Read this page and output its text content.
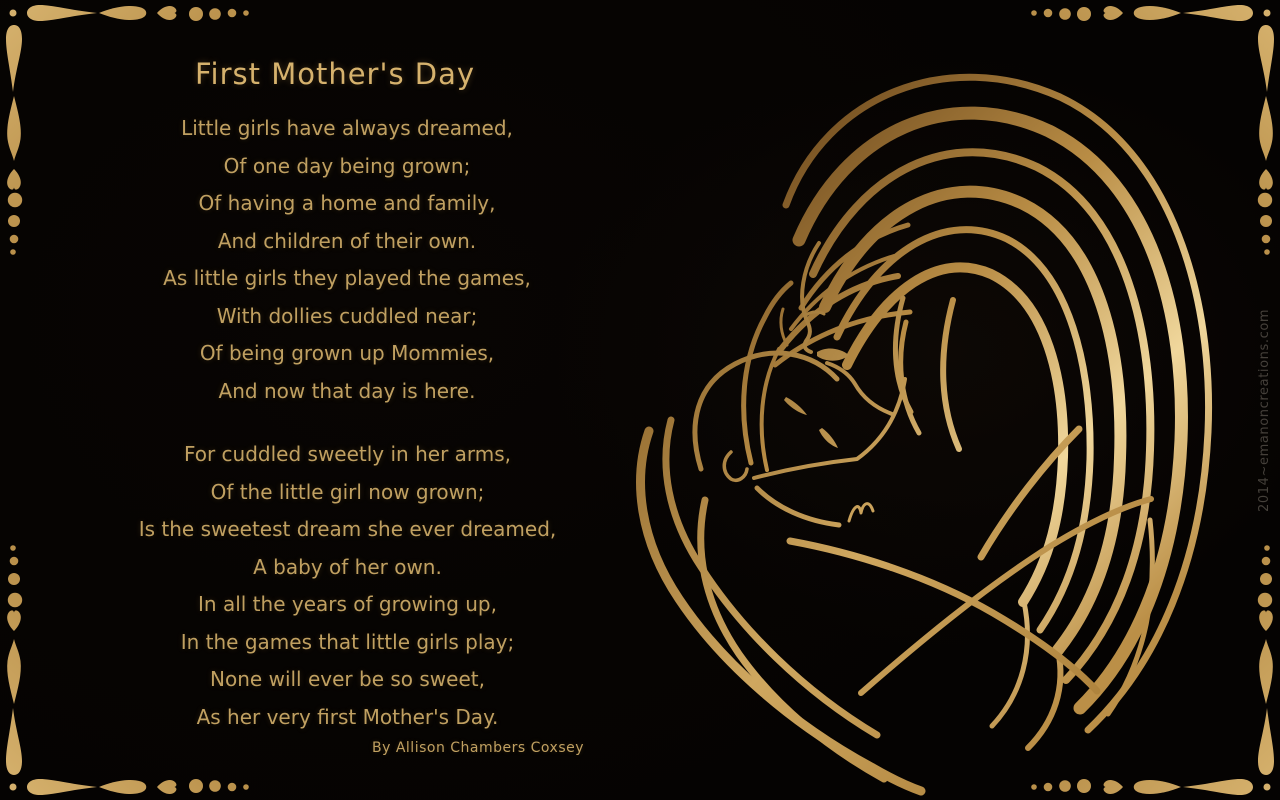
First Mother's Day
Little girls have always dreamed,
Of one day being grown;
Of having a home and family,
And children of their own.
As little girls they played the games,
With dollies cuddled near;
Of being grown up Mommies,
And now that day is here.
For cuddled sweetly in her arms,
Of the little girl now grown;
Is the sweetest dream she ever dreamed,
A baby of her own.
In all the years of growing up,
In the games that little girls play;
None will ever be so sweet,
As her very first Mother's Day.
By Allison Chambers Coxsey
2014~emanoncreations.com
